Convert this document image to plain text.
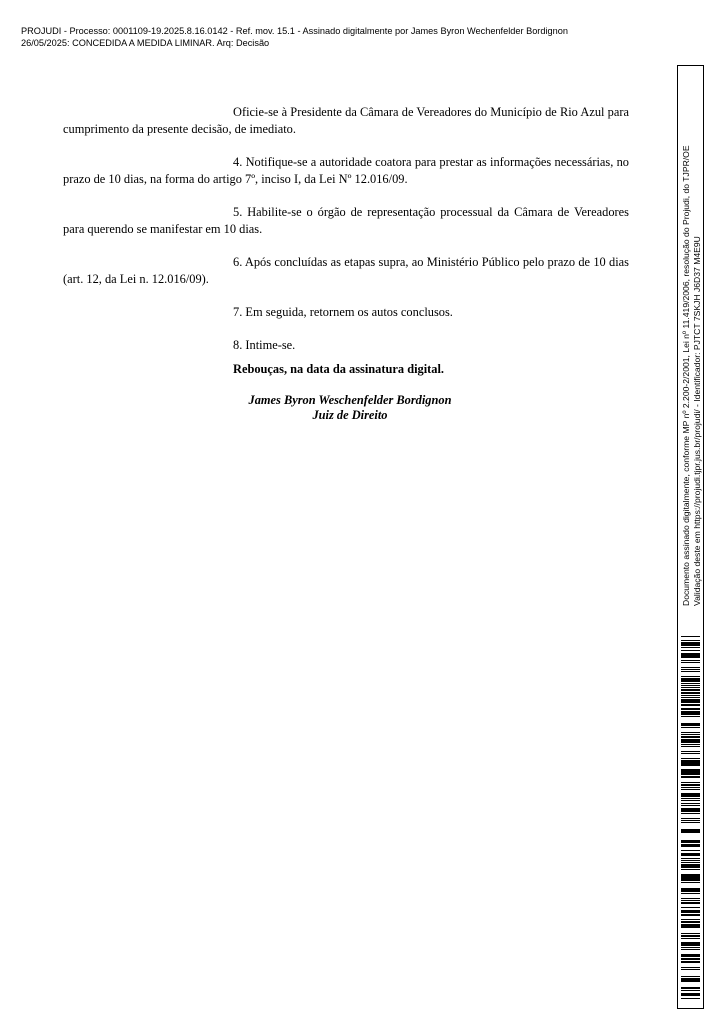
PROJUDI - Processo: 0001109-19.2025.8.16.0142 - Ref. mov. 15.1 - Assinado digitalmente por James Byron Wechenfelder Bordignon
26/05/2025: CONCEDIDA A MEDIDA LIMINAR. Arq: Decisão

Oficie-se à Presidente da Câmara de Vereadores do Município de Rio Azul para cumprimento da presente decisão, de imediato.

4. Notifique-se a autoridade coatora para prestar as informações necessárias, no prazo de 10 dias, na forma do artigo 7º, inciso I, da Lei Nº 12.016/09.

5. Habilite-se o órgão de representação processual da Câmara de Vereadores para querendo se manifestar em 10 dias.

6. Após concluídas as etapas supra, ao Ministério Público pelo prazo de 10 dias (art. 12, da Lei n. 12.016/09).

7. Em seguida, retornem os autos conclusos.

8. Intime-se.

Rebouças, na data da assinatura digital.
James Byron Weschenfelder Bordignon
Juiz de Direito	Documento assinado digitalmente, conforme MP nº 2.200-2/2001, Lei nº 11.419/2006, resolução do Projudi, do TJPR/OE Validação deste em https://projudi.tjpr.jus.br/projudi/ - Identificador: PJTCT 7SKJH J6D37 M4E9U
